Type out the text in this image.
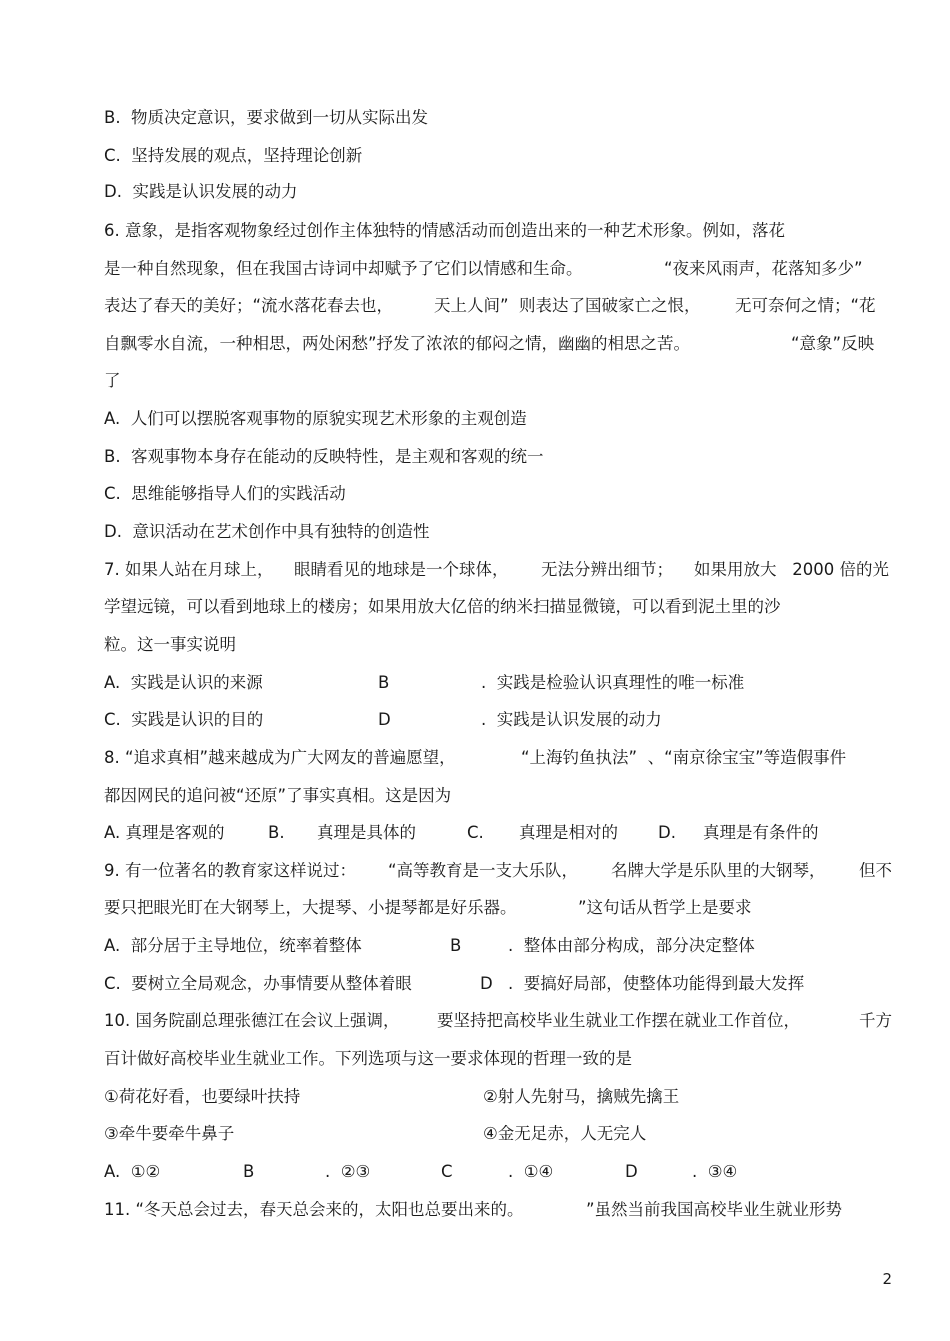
B.  物质决定意识，要求做到一切从实际出发
C.  坚持发展的观点，坚持理论创新
D.  实践是认识发展的动力
6. 意象，是指客观物象经过创作主体独特的情感活动而创造出来的一种艺术形象。例如，落花
是一种自然现象，但在我国古诗词中却赋予了它们以情感和生命。	“夜来风雨声，花落知多少”
表达了春天的美好；“流水落花春去也， 天上人间”  则表达了国破家亡之恨， 无可奈何之情；“花
自飘零水自流，一种相思，两处闲愁”抒发了浓浓的郁闷之情，幽幽的相思之苦。	“意象”反映
了
A.  人们可以摆脱客观事物的原貌实现艺术形象的主观创造
B.  客观事物本身存在能动的反映特性，是主观和客观的统一
C.  思维能够指导人们的实践活动
D.  意识活动在艺术创作中具有独特的创造性
7. 如果人站在月球上， 眼睛看见的地球是一个球体， 无法分辨出细节； 如果用放大   2000 倍的光
学望远镜，可以看到地球上的楼房；如果用放大亿倍的纳米扫描显微镜，可以看到泥土里的沙
粒。这一事实说明
A.  实践是认识的来源	B	.  实践是检验认识真理性的唯一标准
C.  实践是认识的目的	D	.  实践是认识发展的动力
8. “追求真相”越来越成为广大网友的普遍愿望，	“上海钓鱼执法”  、“南京徐宝宝”等造假事件
都因网民的追问被“还原”了事实真相。这是因为
A. 真理是客观的	B. 真理是具体的	C. 真理是相对的 D. 真理是有条件的
9. 有一位著名的教育家这样说过： “高等教育是一支大乐队， 名牌大学是乐队里的大钢琴， 但不
要只把眼光盯在大钢琴上，大提琴、小提琴都是好乐器。	”这句话从哲学上是要求
A.  部分居于主导地位，统率着整体	B	.  整体由部分构成，部分决定整体
C.  要树立全局观念，办事情要从整体着眼	D .  要搞好局部，使整体功能得到最大发挥
10. 国务院副总理张德江在会议上强调， 要坚持把高校毕业生就业工作摆在就业工作首位，	千方
百计做好高校毕业生就业工作。下列选项与这一要求体现的哲理一致的是
①荷花好看，也要绿叶扶持	②射人先射马，擒贼先擒王
③牵牛要牵牛鼻子	④金无足赤，人无完人
A.  ①②	B	.  ②③	C	.  ①④	D	.  ③④
11. “冬天总会过去，春天总会来的，太阳也总要出来的。	”虽然当前我国高校毕业生就业形势
2
